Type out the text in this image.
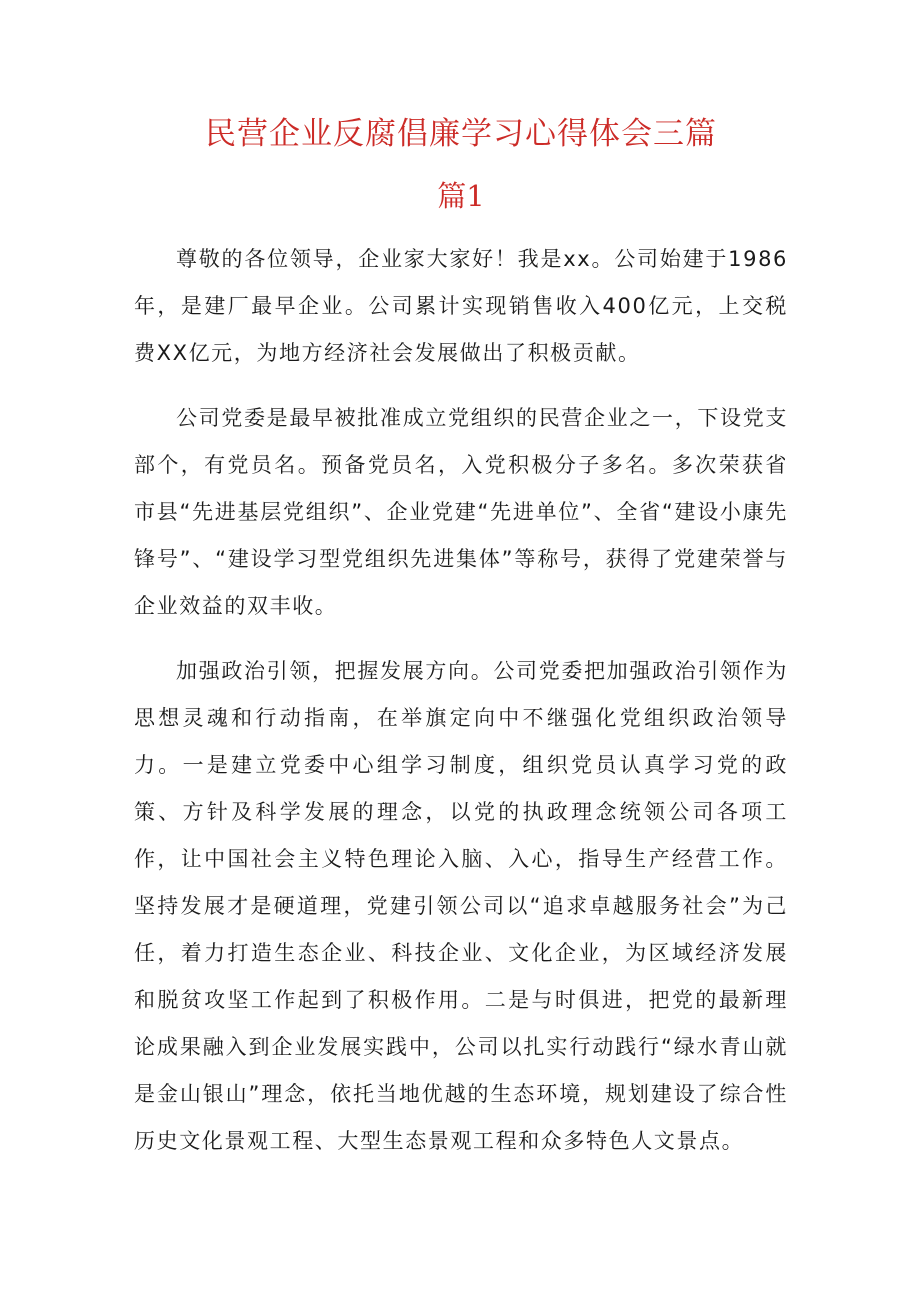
民营企业反腐倡廉学习心得体会三篇
篇1

尊敬的各位领导，企业家大家好！我是xx。公司始建于1986年，是建厂最早企业。公司累计实现销售收入400亿元，上交税费XX亿元，为地方经济社会发展做出了积极贡献。

公司党委是最早被批准成立党组织的民营企业之一，下设党支部个，有党员名。预备党员名，入党积极分子多名。多次荣获省市县“先进基层党组织”、企业党建“先进单位”、全省“建设小康先锋号”、“建设学习型党组织先进集体”等称号，获得了党建荣誉与企业效益的双丰收。

加强政治引领，把握发展方向。公司党委把加强政治引领作为思想灵魂和行动指南，在举旗定向中不继强化党组织政治领导力。一是建立党委中心组学习制度，组织党员认真学习党的政策、方针及科学发展的理念，以党的执政理念统领公司各项工作，让中国社会主义特色理论入脑、入心，指导生产经营工作。坚持发展才是硬道理，党建引领公司以“追求卓越服务社会”为己任，着力打造生态企业、科技企业、文化企业，为区域经济发展和脱贫攻坚工作起到了积极作用。二是与时俱进，把党的最新理论成果融入到企业发展实践中，公司以扎实行动践行“绿水青山就是金山银山”理念，依托当地优越的生态环境，规划建设了综合性历史文化景观工程、大型生态景观工程和众多特色人文景点。
